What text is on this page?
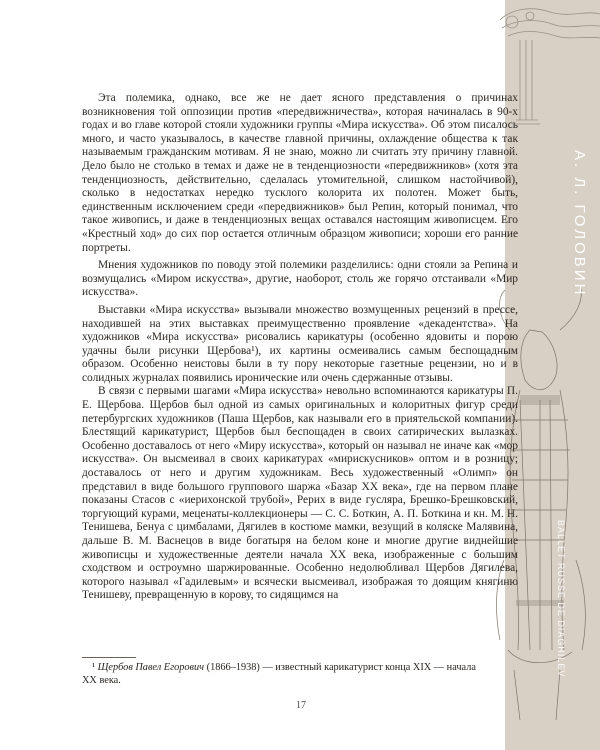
А. Л. ГОЛОВИН
BALLET RUSSE DE DIAGHILEV

Эта полемика, однако, все же не дает ясного представления о причинах возникновения той оппозиции против «передвижничества», которая начиналась в 90-х годах и во главе которой стояли художники группы «Мира искусства». Об этом писалось много, и часто указывалось, в качестве главной причины, охлаждение общества к так называемым гражданским мотивам. Я не знаю, можно ли считать эту причину главной. Дело было не столько в темах и даже не в тенденциозности «передвижников» (хотя эта тенденциозность, действительно, сделалась утомительной, слишком настойчивой), сколько в недостатках нередко тусклого колорита их полотен. Может быть, единственным исключением среди «передвижников» был Репин, который понимал, что такое живопись, и даже в тенденциозных вещах оставался настоящим живописцем. Его «Крестный ход» до сих пор остается отличным образцом живописи; хороши его ранние портреты.

Мнения художников по поводу этой полемики разделились: одни стояли за Репина и возмущались «Миром искусства», другие, наоборот, столь же горячо отстаивали «Мир искусства».

Выставки «Мира искусства» вызывали множество возмущенных рецензий в прессе, находившей на этих выставках преимущественно проявление «декадентства». На художников «Мира искусства» рисовались карикатуры (особенно ядовиты и порою удачны были рисунки Щербова¹), их картины осмеивались самым беспощадным образом. Особенно неистовы были в ту пору некоторые газетные рецензии, но и в солидных журналах появились иронические или очень сдержанные отзывы.

В связи с первыми шагами «Мира искусства» невольно вспоминаются карикатуры П. Е. Щербова. Щербов был одной из самых оригинальных и колоритных фигур среди петербургских художников (Паша Щербов, как называли его в приятельской компании). Блестящий карикатурист, Щербов был беспощаден в своих сатирических вылазках. Особенно доставалось от него «Миру искусства», который он называл не иначе как «мор искусства». Он высмеивал в своих карикатурах «мирискусников» оптом и в розницу; доставалось от него и другим художникам. Весь художественный «Олимп» он представил в виде большого группового шаржа «Базар XX века», где на первом плане показаны Стасов с «иерихонской трубой», Рерих в виде гусляра, Брешко-Брешковский, торгующий курами, меценаты-коллекционеры — С. С. Боткин, А. П. Боткина и кн. М. Н. Тенишева, Бенуа с цимбалами, Дягилев в костюме мамки, везущий в коляске Малявина, дальше В. М. Васнецов в виде богатыря на белом коне и многие другие виднейшие живописцы и художественные деятели начала XX века, изображенные с большим сходством и остроумно шаржированные. Особенно недолюбливал Щербов Дягилева, которого называл «Гадилевым» и всячески высмеивал, изображая то доящим княгиню Тенишеву, превращенную в корову, то сидящимся на

¹ Щербов Павел Егорович (1866–1938) — известный карикатурист конца XIX — начала XX века.
17
